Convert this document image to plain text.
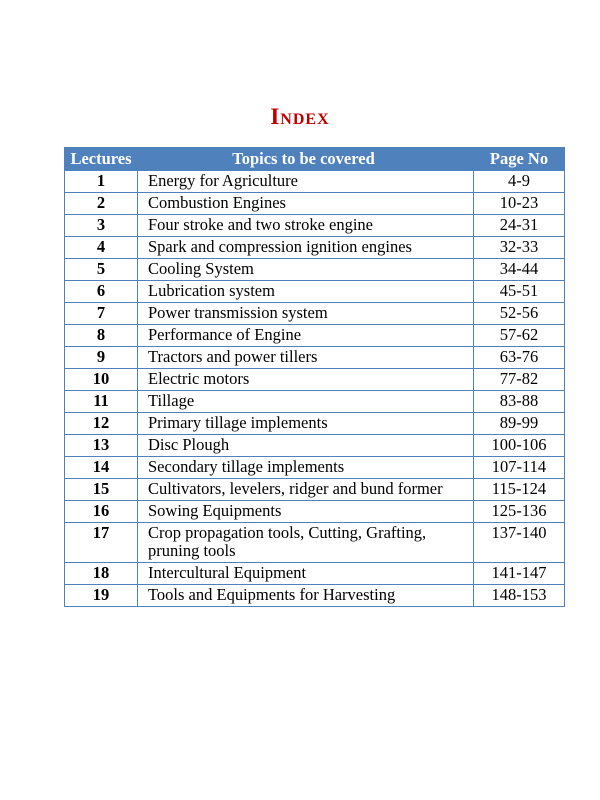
Index
Lectures	Topics to be covered	Page No
1	Energy for Agriculture	4-9
2	Combustion Engines	10-23
3	Four stroke and two stroke engine	24-31
4	Spark and compression ignition engines	32-33
5	Cooling System	34-44
6	Lubrication system	45-51
7	Power transmission system	52-56
8	Performance of Engine	57-62
9	Tractors and power tillers	63-76
10	Electric motors	77-82
11	Tillage	83-88
12	Primary tillage implements	89-99
13	Disc Plough	100-106
14	Secondary tillage implements	107-114
15	Cultivators, levelers, ridger and bund former	115-124
16	Sowing Equipments	125-136
17	Crop propagation tools, Cutting, Grafting, pruning tools	137-140
18	Intercultural Equipment	141-147
19	Tools and Equipments for Harvesting	148-153
